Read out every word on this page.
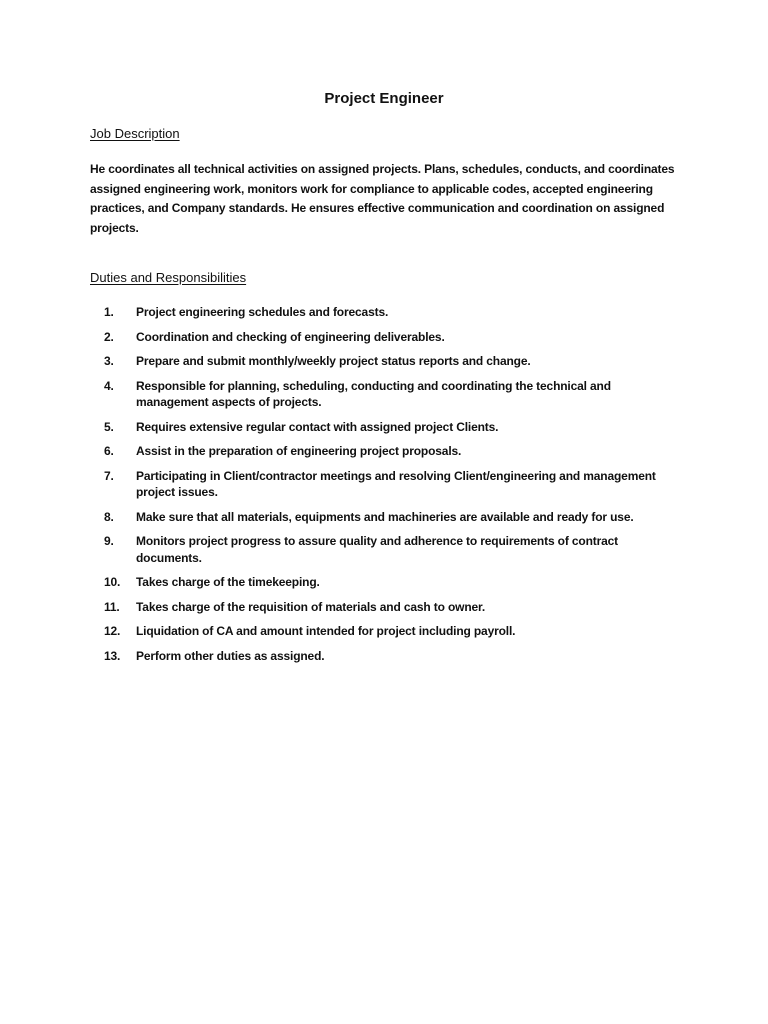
Project Engineer
Job Description
He coordinates all technical activities on assigned projects. Plans, schedules, conducts, and coordinates assigned engineering work, monitors work for compliance to applicable codes, accepted engineering practices, and Company standards. He ensures effective communication and coordination on assigned projects.
Duties and Responsibilities
1.	Project engineering schedules and forecasts.
2.	Coordination and checking of engineering deliverables.
3.	Prepare and submit monthly/weekly project status reports and change.
4.	Responsible for planning, scheduling, conducting and coordinating the technical and management aspects of projects.
5.	Requires extensive regular contact with assigned project Clients.
6.	Assist in the preparation of engineering project proposals.
7.	Participating in Client/contractor meetings and resolving Client/engineering and management project issues.
8.	Make sure that all materials, equipments and machineries are available and ready for use.
9.	Monitors project progress to assure quality and adherence to requirements of contract documents.
10.	Takes charge of the timekeeping.
11.	Takes charge of the requisition of materials and cash to owner.
12.	Liquidation of CA and amount intended for project including payroll.
13.	Perform other duties as assigned.
